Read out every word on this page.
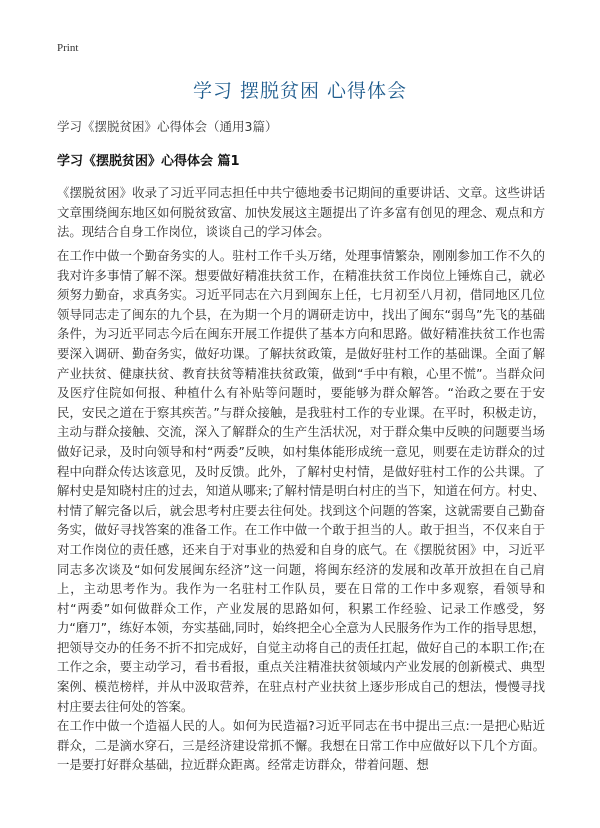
Print
学习 摆脱贫困 心得体会
学习《摆脱贫困》心得体会（通用3篇）
学习《摆脱贫困》心得体会 篇1

《摆脱贫困》收录了习近平同志担任中共宁德地委书记期间的重要讲话、文章。这些讲话文章围绕闽东地区如何脱贫致富、加快发展这主题提出了许多富有创见的理念、观点和方法。现结合自身工作岗位，谈谈自己的学习体会。

在工作中做一个勤奋务实的人。驻村工作千头万绪，处理事情繁杂，刚刚参加工作不久的我对许多事情了解不深。想要做好精准扶贫工作，在精准扶贫工作岗位上锤炼自己，就必须努力勤奋，求真务实。习近平同志在六月到闽东上任，七月初至八月初，借同地区几位领导同志走了闽东的九个县，在为期一个月的调研走访中，找出了闽东“弱鸟”先飞的基础条件，为习近平同志今后在闽东开展工作提供了基本方向和思路。做好精准扶贫工作也需要深入调研、勤奋务实，做好功课。了解扶贫政策，是做好驻村工作的基础课。全面了解产业扶贫、健康扶贫、教育扶贫等精准扶贫政策，做到“手中有粮，心里不慌”。当群众问及医疗住院如何报、种植什么有补贴等问题时，要能够为群众解答。“治政之要在于安民，安民之道在于察其疾苦。”与群众接触，是我驻村工作的专业课。在平时，积极走访，主动与群众接触、交流，深入了解群众的生产生活状况，对于群众集中反映的问题要当场做好记录，及时向领导和村“两委”反映，如村集体能形成统一意见，则要在走访群众的过程中向群众传达该意见，及时反馈。此外，了解村史村情，是做好驻村工作的公共课。了解村史是知晓村庄的过去，知道从哪来;了解村情是明白村庄的当下，知道在何方。村史、村情了解完备以后，就会思考村庄要去往何处。找到这个问题的答案，这就需要自己勤奋务实，做好寻找答案的准备工作。在工作中做一个敢于担当的人。敢于担当，不仅来自于对工作岗位的责任感，还来自于对事业的热爱和自身的底气。在《摆脱贫困》中，习近平同志多次谈及“如何发展闽东经济”这一问题，将闽东经济的发展和改革开放担在自己肩上，主动思考作为。我作为一名驻村工作队员，要在日常的工作中多观察，看领导和村“两委”如何做群众工作，产业发展的思路如何，积累工作经验、记录工作感受，努力“磨刀”，练好本领，夯实基础,同时，始终把全心全意为人民服务作为工作的指导思想，把领导交办的任务不折不扣完成好，自觉主动将自己的责任扛起，做好自己的本职工作;在工作之余，要主动学习，看书看报，重点关注精准扶贫领域内产业发展的创新模式、典型案例、模范榜样，并从中汲取营养，在驻点村产业扶贫上逐步形成自己的想法，慢慢寻找村庄要去往何处的答案。

在工作中做一个造福人民的人。如何为民造福?习近平同志在书中提出三点:一是把心贴近群众，二是滴水穿石，三是经济建设常抓不懈。我想在日常工作中应做好以下几个方面。一是要打好群众基础，拉近群众距离。经常走访群众，带着问题、想
